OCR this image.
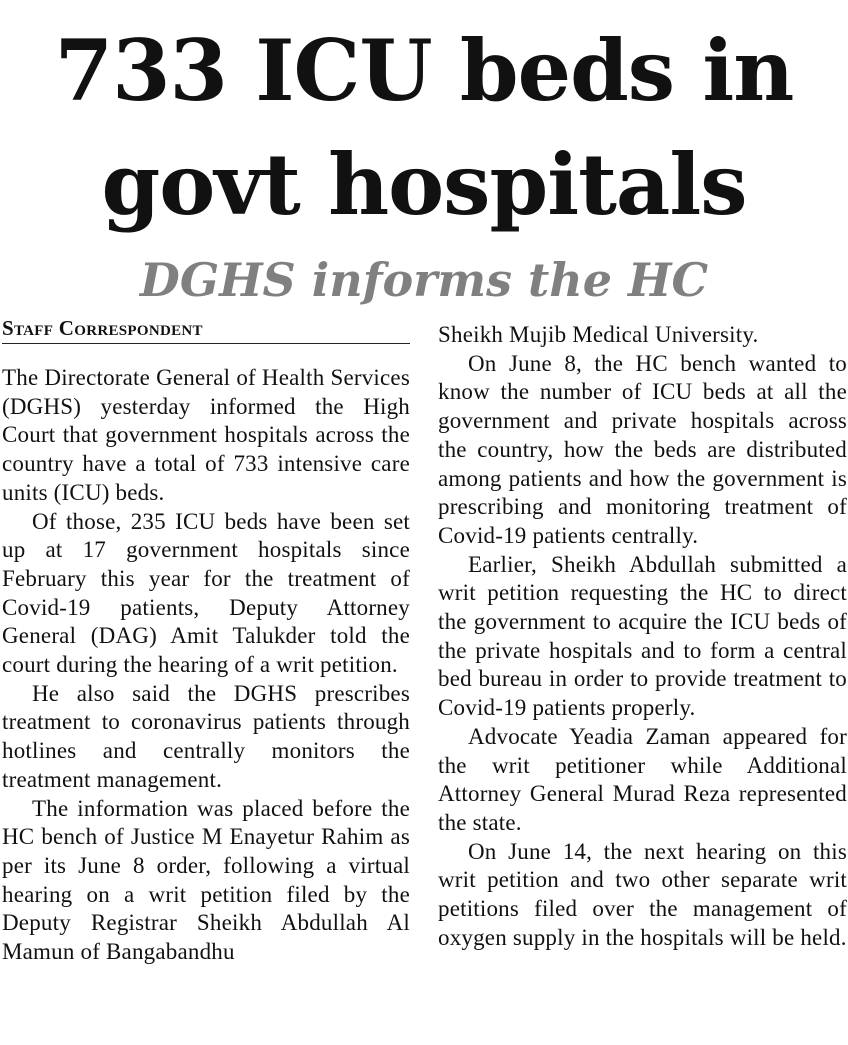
733 ICU beds in
govt hospitals
DGHS informs the HC
Staff Correspondent

The Directorate General of Health Services (DGHS) yesterday informed the High Court that government hospitals across the country have a total of 733 intensive care units (ICU) beds.

Of those, 235 ICU beds have been set up at 17 government hospitals since February this year for the treatment of Covid-19 patients, Deputy Attorney General (DAG) Amit Talukder told the court during the hearing of a writ petition.

He also said the DGHS prescribes treatment to coronavirus patients through hotlines and centrally monitors the treatment management.

The information was placed before the HC bench of Justice M Enayetur Rahim as per its June 8 order, following a virtual hearing on a writ petition filed by the Deputy Registrar Sheikh Abdullah Al Mamun of Bangabandhu

Sheikh Mujib Medical University.

On June 8, the HC bench wanted to know the number of ICU beds at all the government and private hospitals across the country, how the beds are distributed among patients and how the government is prescribing and monitoring treatment of Covid-19 patients centrally.

Earlier, Sheikh Abdullah submitted a writ petition requesting the HC to direct the government to acquire the ICU beds of the private hospitals and to form a central bed bureau in order to provide treatment to Covid-19 patients properly.

Advocate Yeadia Zaman appeared for the writ petitioner while Additional Attorney General Murad Reza represented the state.

On June 14, the next hearing on this writ petition and two other separate writ petitions filed over the management of oxygen supply in the hospitals will be held.
